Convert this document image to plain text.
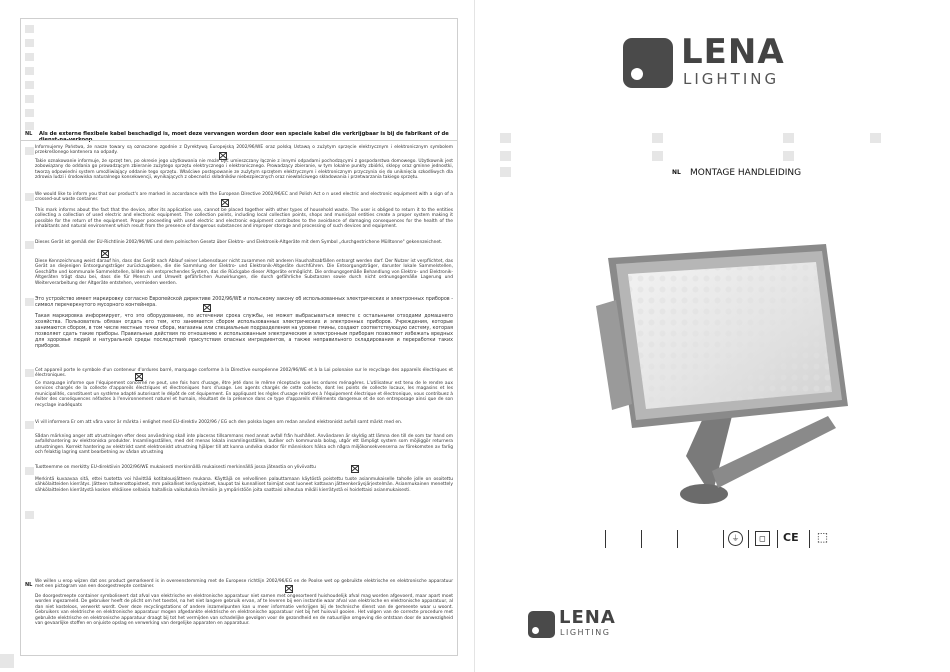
NL Als de externe flexibele kabel beschadigd is, moet deze vervangen worden door een speciale kabel die verkrijgbaar is bij de fabrikant of de
Informujemy Państwa, że nasze towary są oznaczone zgodnie z Dyrektywą Europejską 2002/96/WE oraz polską Ustawą o zużytym sprzęcie elektrycznym i elektronicznym symbolem przekreślonego kontenera na odpady.
Takie oznakowanie informuje, że sprzęt ten, po okresie jego użytkowania nie może być umieszczany łącznie z innymi odpadami pochodzącymi z gospodarstwa domowego. Użytkownik jest zobowiązany do oddania go prowadzącym zbieranie zużytego sprzętu elektrycznego i elektronicznego. Prowadzący zbieranie, w tym lokalne punkty zbiórki, sklepy oraz gminne jednostki, tworzą odpowiedni system umożliwiający oddanie tego sprzętu. Właściwe postępowanie ze zużytym sprzętem elektrycznym i elektronicznym przyczynia się do uniknięcia szkodliwych dla zdrowia ludzi i środowiska naturalnego konsekwencji, wynikających z obecności składników niebezpiecznych oraz niewłaściwego składowania i przetwarzania takiego sprzętu.
We would like to inform you that our product's are marked in accordance with the European Directive 2002/96/EC and Polish Act o n used electric and electronic equipment with a sign of a crossed-out waste container.
This mark informs about the fact that the device, after its application use, cannot be placed together with other types of household waste. The user is obliged to return it to the entities collecting a collection of used electric and electronic equipment. The collection points, including local collection points, shops and municipal entities create a proper system making it possible for the return of the equipment. Proper proceeding with used electric and electronic equipment contributes to the avoidance of damaging consequences for the health of the inhabitants and natural environment which result from the presence of dangerous substances and improper storage and processing of such devices and equipment.
Dieses Gerät ist gemäß der EU-Richtlinie 2002/96/WE und dem polnischen Gesetz über Elektro- und Elektronik-Altgeräte mit dem Symbol „durchgestrichene Mülltonne" gekennzeichnet.
Diese Kennzeichnung weist darauf hin, dass das Gerät nach Ablauf seiner Lebensdauer nicht zusammen mit anderen Haushaltsabfällen entsorgt werden darf. Der Nutzer ist verpflichtet, das Gerät an diejenigen Entsorgungsträger zurückzugeben, die die Sammlung der Elektro- und Elektronik-Altgeräte durchführen. Die Entsorgungsträger, darunter lokale Sammelstellen, Geschäfte und kommunale Sammelstellen, bilden ein entsprechendes System, das die Rückgabe dieser Altgeräte ermöglicht. Die ordnungsgemäße Behandlung von Elektro- und Elektronik-Altgeräten trägt dazu bei, dass die für Mensch und Umwelt gefährlichen Auswirkungen, die durch gefährliche Substanzen sowie durch nicht ordnungsgemäße Lagerung und Weiterverarbeitung der Altgeräte entstehen, vermieden werden.
Это устройство имеет маркировку согласно Европейской директиве 2002/96/WE и польскому закону об использованных электрических и электронных приборов - символ перечеркнутого мусорного контейнера.
Такая маркировка информирует, что это оборудование, по истечении срока службы, не может выбрасываться вместе с остальными отходами домашнего хозяйства. Пользователь обязан отдать его тем, кто занимается сбором использованных электрических и электронных приборов. Учреждения, которые занимаются сбором, в том числе местные точки сбора, магазины или специальные подразделения на уровне гмины, создают соответствующую систему, которая позволяет сдать такие приборы. Правильные действия по отношению к использованным электрическим и электронным приборам позволяют избежать вредных для здоровья людей и натуральной среды последствий присутствия опасных ингредиентов, а также неправильного складирования и переработки таких приборов.
Cet appareil porte le symbole d'un conteneur d'ordures barré, marquage conforme à la Directive européenne 2002/96/WE et à la Loi polonaise sur le recyclage des appareils électriques et électroniques.
Ce marquage informe que l'équipement concerné ne peut, une fois hors d'usage, être jeté dans le même réceptacle que les ordures ménagères. L'utilisateur est tenu de le rendre aux services chargés de la collecte d'appareils électriques et électroniques hors d'usage. Les agents chargés de cette collecte, dont les points de collecte locaux, les magasins et les municipalités, constituent un système adapté autorisant le dépôt de cet équipement. En appliquant les règles d'usage relatives à l'équipement électrique et électronique, vous contribuez à éviter des conséquences néfastes à l'environnement naturel et humain, résultant de la présence dans ce type d'appareils d'éléments dangereux et de son entreposage ainsi que de son recyclage inadéquats
Vi vill informera Er om att våra varor är märkta i enlighet med EU-direktiv 2002/96 / EG och den polska lagen om redan använd elektroniskt avfall samt märkt med en.
Sådan märkning anger att utrustningen efter dess användning skall inte placeras tillsammans med annat avfall från hushållet. Användaren är skyldig att lämna den till de som tar hand om avfallshantering av elektroniska produkter. Insamlingsställen, med det menas lokala insamlingsställen, butiker och kommunala bolag, utgör ett lämpligt system som möjliggör returnera utrustningen. Korrekt hantering av elektriskt samt elektroniskt utrustning hjälper till att kunna undvika skador för människors hälsa och några miljökonsekvenserna av förekomsten av farlig och felaktig lagring samt bearbetning av sådan utrustning
Tuotteemme on merkitty EU-direktiivin 2002/96/WE mukaisesti merkinnällä mukaisesti merkinnällä jossa jäteastia on yliviivattu
Merkintä kuvaavaa sitä, ettei tuotetta voi hävittää kotitalousjätteen mukana. Käyttäjä on velvollinen palauttamaan käytöstä poistettu tuote asianmukaiselle taholle jolle on osoitettu sähkölaitteiden kierrätys. Jätteen talteenottopisteet, mm paikalliset keräyspisteet, kaupat tai kunnalliset toimijat ovat luoneet kattavan jätteenkeräysjärjestelmän. Asianmukainen menettely sähkölaitteiden kierrätystä kosken ehkäisee sellaisia haitallisia vaikutuksia ihmisiin ja ympäristöön joita saattaisi aiheutua mikäli kierrätystä ei hoidettaisi asianmukaisesti.
NL
We willen u erop wijzen dat ons product gemarkeerd is in overeenstemming met de Europese richtlijn 2002/96/EG en de Poolse wet op gebruikte elektrische en elektronische apparatuur met een pictogram van een doorgestreepte container.
De doorgestreepte container symboliseert dat afval van elektrische en elektronische apparatuur niet samen met ongesorteerd huishoudelijk afval mag worden afgevoerd, maar apart moet worden ingezameld. De gebruiker heeft de plicht om het toestel, na het niet langere gebruik ervan, af te leveren bij een instantie waar afval van elektrische en elektronische apparatuur, al dan niet kosteloos, verwerkt wordt. Over deze recyclingstations of andere inzamelpunten kan u meer informatie verkrijgen bij de technische dienst van de gemeente waar u woont. Gebruikers van elektrische en elektronische apparatuur mogen afgedankte elektrische en elektronische apparatuur niet bij het huisvuil gooien. Het volgen van de correcte procedure met gebruikte elektrische en elektronische apparatuur draagt bij tot het vermijden van schadelijke gevolgen voor de gezondheid en de natuurlijke omgeving die ontstaan door de aanwezigheid van gevaarlijke stoffen en onjuiste opslag en verwerking van dergelijke apparaten en apparatuur.
LENA
LIGHTING
NL MONTAGE HANDLEIDING
⏚	◻	CE ⬚
LENA
LIGHTING
